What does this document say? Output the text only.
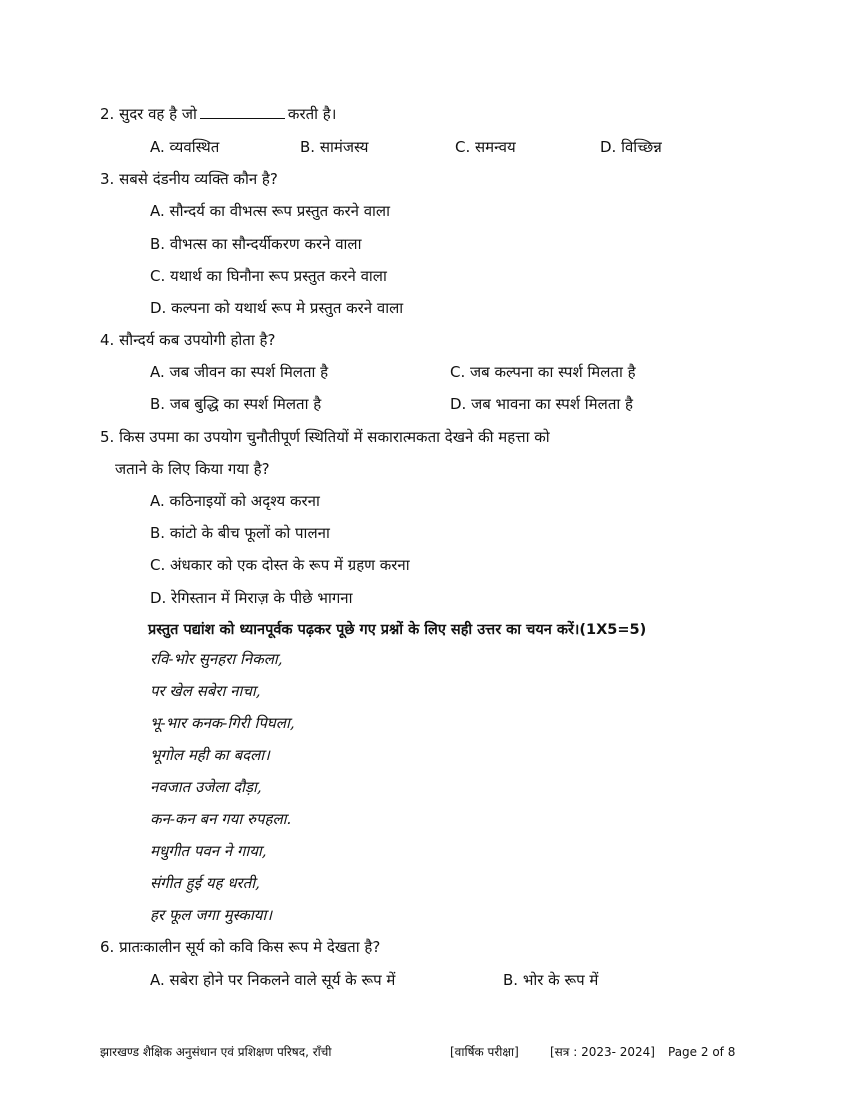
2. सुदर वह है जो	करती है।
A. व्यवस्थित	B. सामंजस्य	C. समन्वय	D. विच्छिन्न
3. सबसे दंडनीय व्यक्ति कौन है?
A. सौन्दर्य का वीभत्स रूप प्रस्तुत करने वाला
B. वीभत्स का सौन्दर्यीकरण करने वाला
C. यथार्थ का घिनौना रूप प्रस्तुत करने वाला
D. कल्पना को यथार्थ रूप मे प्रस्तुत करने वाला
4. सौन्दर्य कब उपयोगी होता है?
A. जब जीवन का स्पर्श मिलता है	C. जब कल्पना का स्पर्श मिलता है
B. जब बुद्धि का स्पर्श मिलता है	D. जब भावना का स्पर्श मिलता है
5. किस उपमा का उपयोग चुनौतीपूर्ण स्थितियों में सकारात्मकता देखने की महत्ता को
जताने के लिए किया गया है?
A. कठिनाइयों को अदृश्य करना
B. कांटो के बीच फूलों को पालना
C. अंधकार को एक दोस्त के रूप में ग्रहण करना
D. रेगिस्तान में मिराज़ के पीछे भागना
प्रस्तुत पद्यांश को ध्यानपूर्वक पढ़कर पूछे गए प्रश्नों के लिए सही उत्तर का चयन करें।(1X5=5)
रवि-भोर सुनहरा निकला,
पर खेल सबेरा नाचा,
भू-भार कनक-गिरी पिघला,
भूगोल मही का बदला।
नवजात उजेला दौड़ा,
कन-कन बन गया रुपहला.
मधुगीत पवन ने गाया,
संगीत हुई यह धरती,
हर फूल जगा मुस्काया।
6. प्रातःकालीन सूर्य को कवि किस रूप मे देखता है?
A. सबेरा होने पर निकलने वाले सूर्य के रूप में	B. भोर के रूप में
झारखण्ड शैक्षिक अनुसंधान एवं प्रशिक्षण परिषद, राँची	[वार्षिक परीक्षा]	[सत्र : 2023- 2024] Page 2 of 8
